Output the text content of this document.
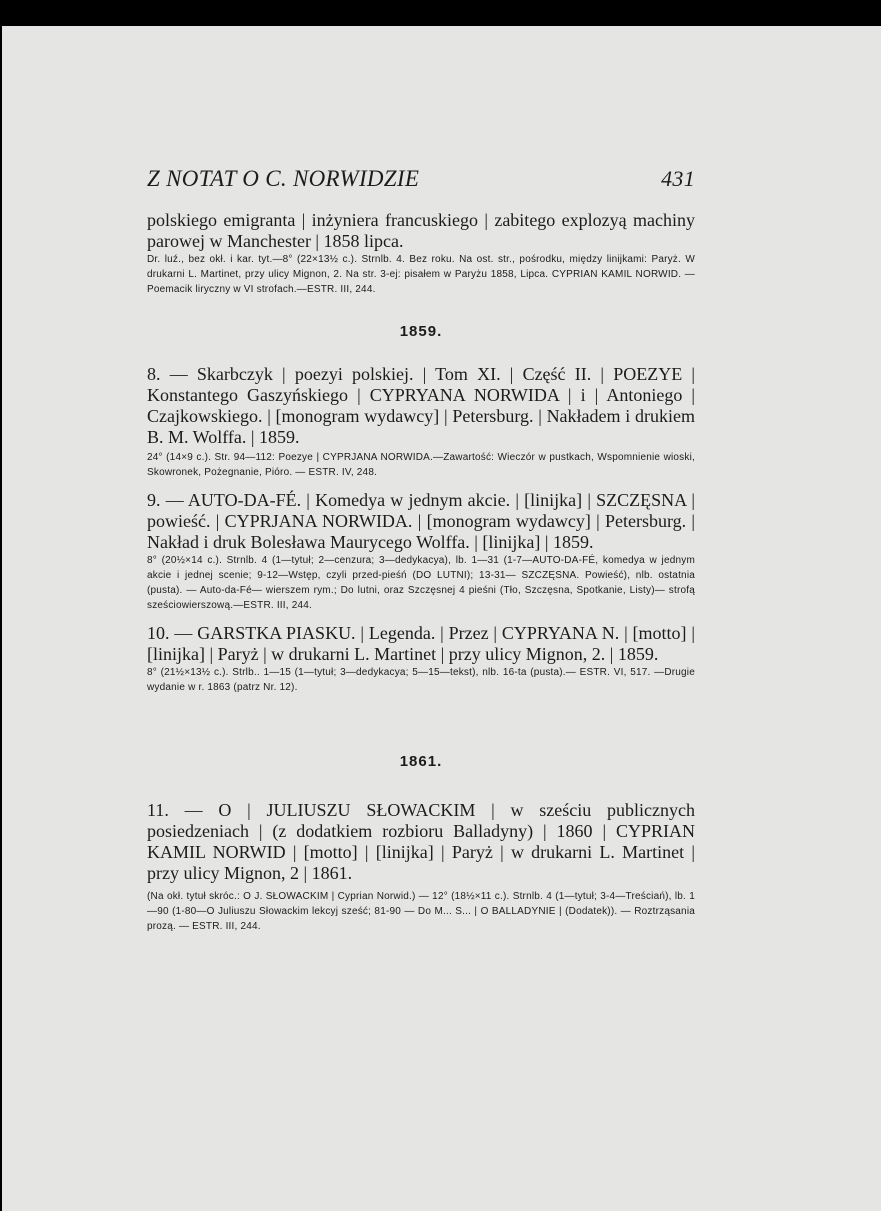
Z NOTAT O C. NORWIDZIE	431

polskiego emigranta | inżyniera francuskiego | zabitego explozyą machiny parowej w Manchester | 1858 lipca.

Dr. luź., bez okł. i kar. tyt.—8° (22×13½ c.). Strnlb. 4. Bez roku. Na ost. str., pośrodku, między linijkami: Paryż. W drukarni L. Martinet, przy ulicy Mignon, 2. Na str. 3-ej: pisałem w Paryżu 1858, Lipca. CYPRIAN KAMIL NORWID. — Poemacik liryczny w VI strofach.—ESTR. III, 244.

1859.

8. — Skarbczyk | poezyi polskiej. | Tom XI. | Część II. | POEZYE | Konstantego Gaszyńskiego | CYPRYANA NORWIDA | i | Antoniego | Czajkowskiego. | [monogram wydawcy] | Petersburg. | Nakładem i drukiem B. M. Wolffa. | 1859.

24° (14×9 c.). Str. 94—112: Poezye | CYPRJANA NORWIDA.—Zawartość: Wieczór w pustkach, Wspomnienie wioski, Skowronek, Pożegnanie, Pióro. — ESTR. IV, 248.

9. — AUTO-DA-FÉ. | Komedya w jednym akcie. | [linijka] | SZCZĘSNA | powieść. | CYPRJANA NORWIDA. | [monogram wydawcy] | Petersburg. | Nakład i druk Bolesława Maurycego Wolffa. | [linijka] | 1859.

8° (20½×14 c.). Strnlb. 4 (1—tytuł; 2—cenzura; 3—dedykacya), lb. 1—31 (1-7—AUTO-DA-FÉ, komedya w jednym akcie i jednej scenie; 9-12—Wstęp, czyli przed-pieśń (DO LUTNI); 13-31— SZCZĘSNA. Powieść), nlb. ostatnia (pusta). — Auto-da-Fé— wierszem rym.; Do lutni, oraz Szczęsnej 4 pieśni (Tło, Szczęsna, Spotkanie, Listy)— strofą sześciowierszową.—ESTR. III, 244.

10. — GARSTKA PIASKU. | Legenda. | Przez | CYPRYANA N. | [motto] | [linijka] | Paryż | w drukarni L. Martinet | przy ulicy Mignon, 2. | 1859.

8° (21½×13½ c.). Strlb.. 1—15 (1—tytuł; 3—dedykacya; 5—15—tekst), nlb. 16-ta (pusta).— ESTR. VI, 517. —Drugie wydanie w r. 1863 (patrz Nr. 12).

1861.

11. — O | JULIUSZU SŁOWACKIM | w sześciu publicznych posiedzeniach | (z dodatkiem rozbioru Balladyny) | 1860 | CYPRIAN KAMIL NORWID | [motto] | [linijka] | Paryż | w drukarni L. Martinet | przy ulicy Mignon, 2 | 1861.

(Na okł. tytuł skróc.: O J. SŁOWACKIM | Cyprian Norwid.) — 12° (18½×11 c.). Strnlb. 4 (1—tytuł; 3-4—Treściań), lb. 1—90 (1-80—O Juliuszu Słowackim lekcyj sześć; 81-90 — Do M... S... | O BALLADYNIE | (Dodatek)). — Roztrząsania prozą. — ESTR. III, 244.
